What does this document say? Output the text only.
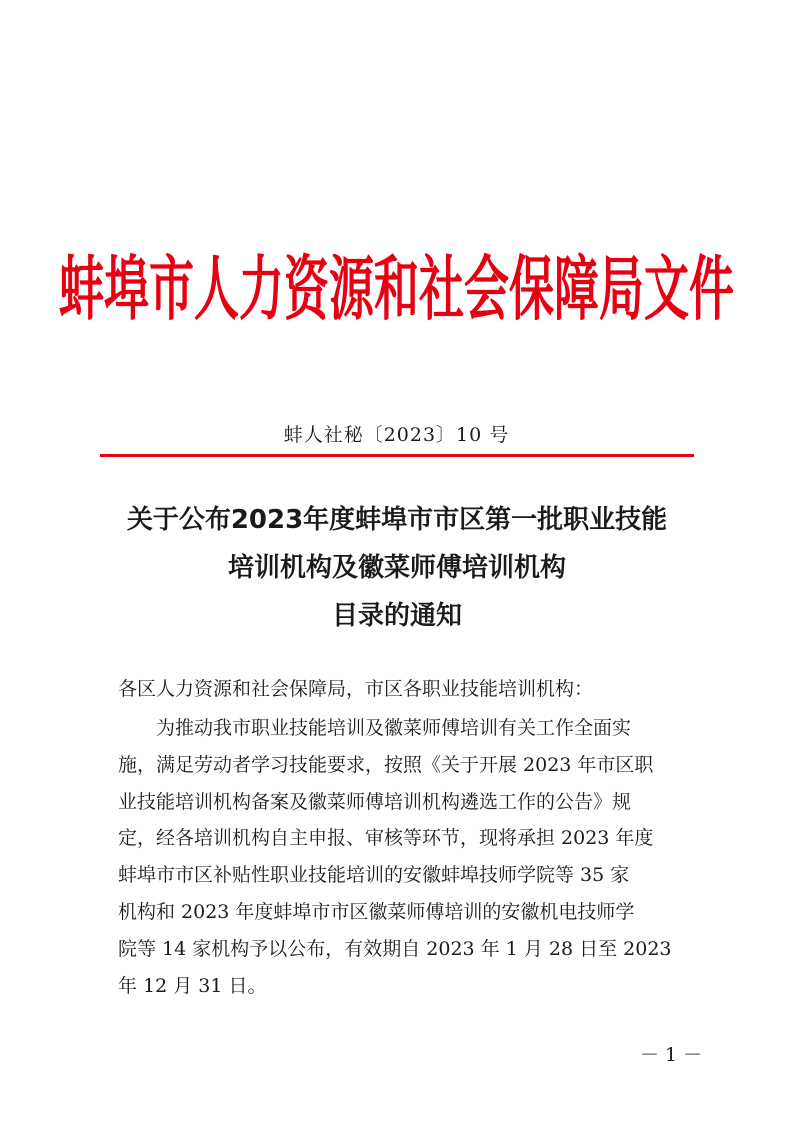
蚌埠市人力资源和社会保障局文件
蚌人社秘〔2023〕10 号
关于公布2023年度蚌埠市市区第一批职业技能
培训机构及徽菜师傅培训机构
目录的通知
各区人力资源和社会保障局，市区各职业技能培训机构：
为推动我市职业技能培训及徽菜师傅培训有关工作全面实
施，满足劳动者学习技能要求，按照《关于开展 2023 年市区职
业技能培训机构备案及徽菜师傅培训机构遴选工作的公告》规
定，经各培训机构自主申报、审核等环节，现将承担 2023 年度
蚌埠市市区补贴性职业技能培训的安徽蚌埠技师学院等 35 家
机构和 2023 年度蚌埠市市区徽菜师傅培训的安徽机电技师学
院等 14 家机构予以公布，有效期自 2023 年 1 月 28 日至 2023
年 12 月 31 日。
－ 1 －
